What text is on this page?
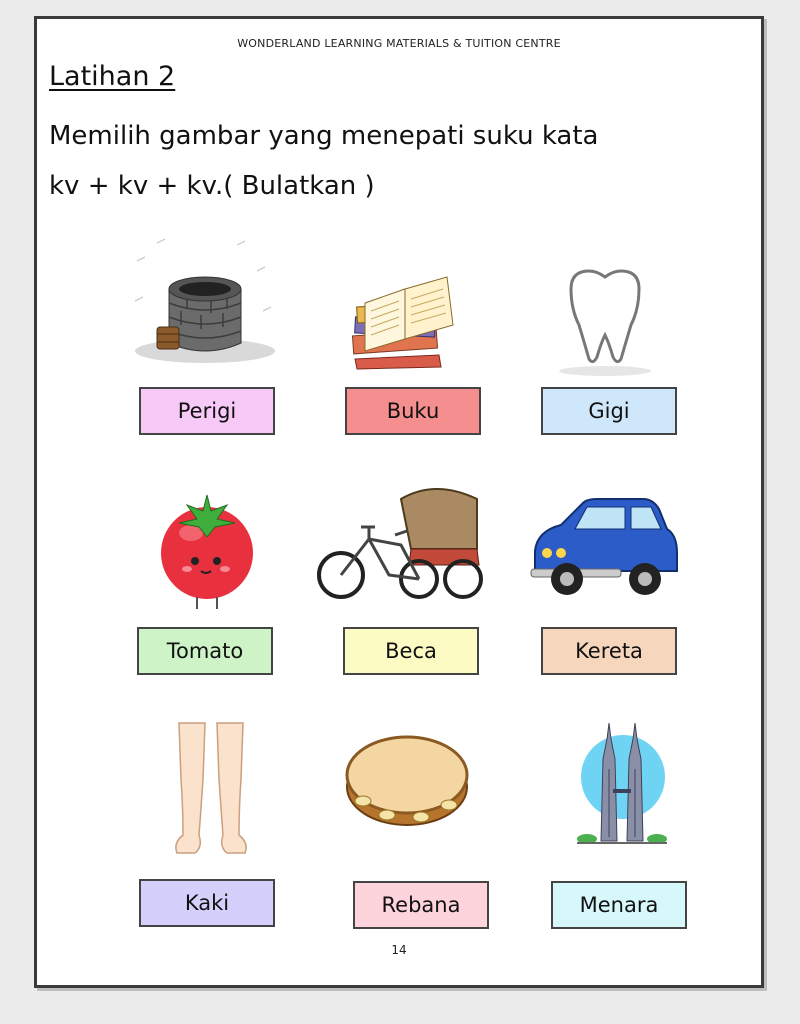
WONDERLAND LEARNING MATERIALS & TUITION CENTRE
Latihan 2
Memilih gambar yang menepati suku kata
kv + kv + kv.( Bulatkan )
Perigi	Buku	Gigi
Tomato	Beca	Kereta
Kaki	Rebana	Menara
14
